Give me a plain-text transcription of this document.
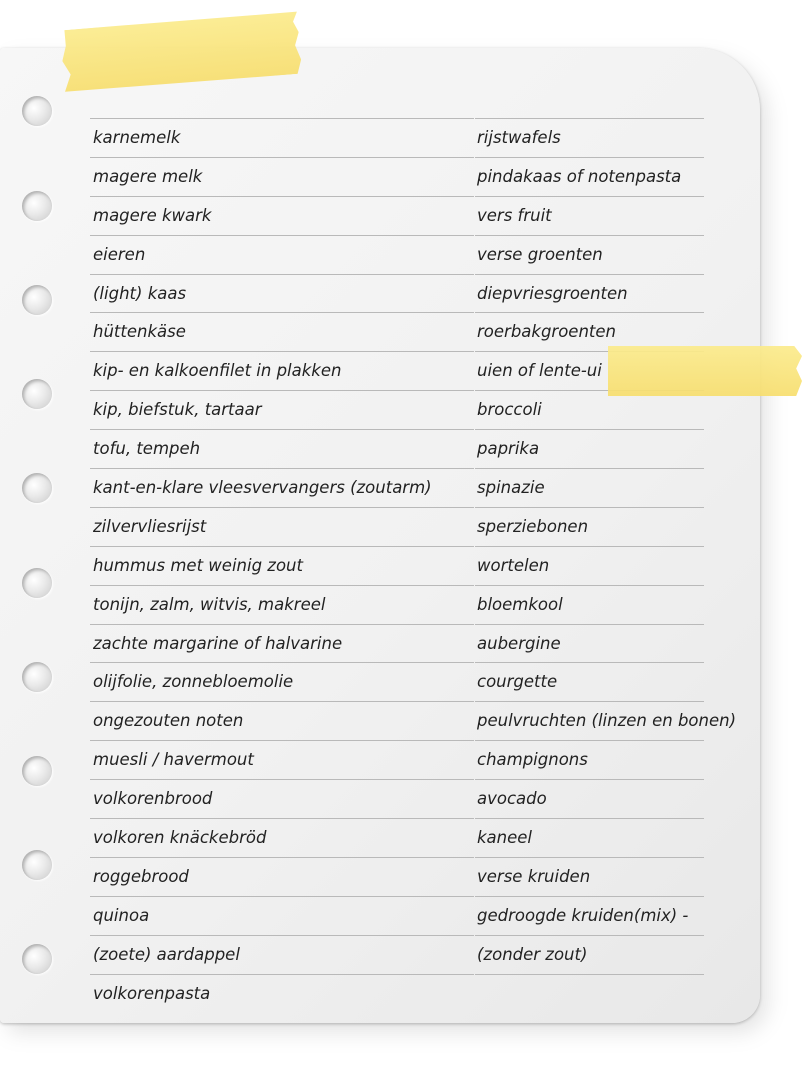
karnemelk
magere melk
magere kwark
eieren
(light) kaas
hüttenkäse
kip- en kalkoenfilet in plakken
kip, biefstuk, tartaar
tofu, tempeh
kant-en-klare vleesvervangers (zoutarm)
zilvervliesrijst
hummus met weinig zout
tonijn, zalm, witvis, makreel
zachte margarine of halvarine
olijfolie, zonnebloemolie
ongezouten noten
muesli / havermout
volkorenbrood
volkoren knäckebröd
roggebrood
quinoa
(zoete) aardappel
volkorenpasta
rijstwafels
pindakaas of notenpasta
vers fruit
verse groenten
diepvriesgroenten
roerbakgroenten
uien of lente-ui
broccoli
paprika
spinazie
sperziebonen
wortelen
bloemkool
aubergine
courgette
peulvruchten (linzen en bonen)
champignons
avocado
kaneel
verse kruiden
gedroogde kruiden(mix) -
(zonder zout)
